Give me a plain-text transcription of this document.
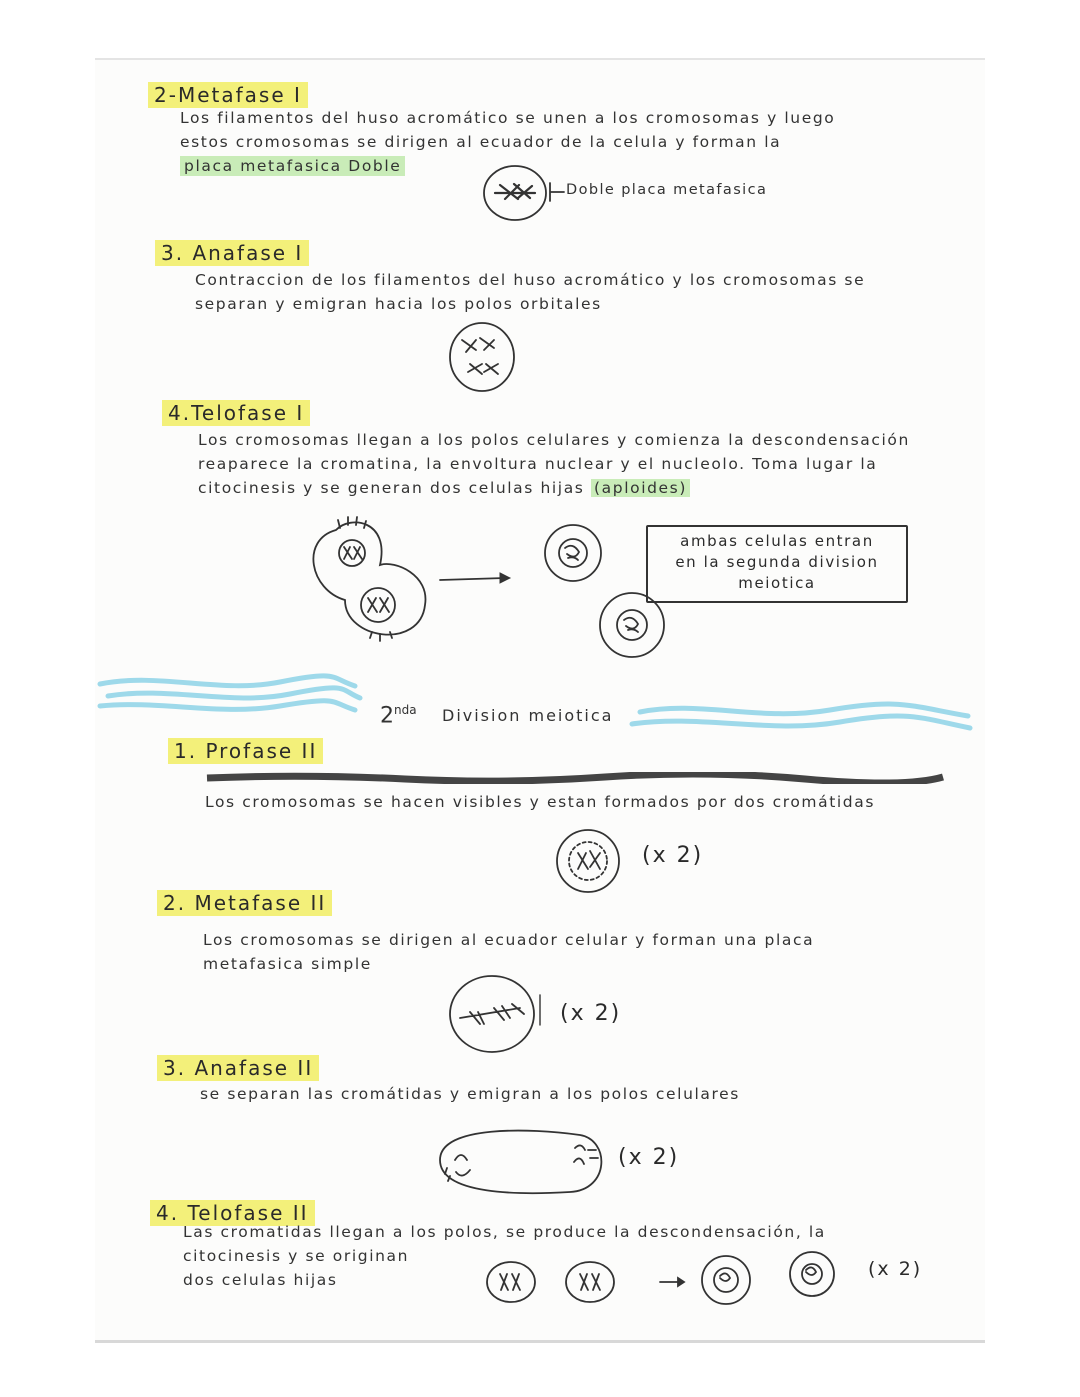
2-Metafase I
Los filamentos del huso acromático se unen a los cromosomas y luego
estos cromosomas se dirigen al ecuador de la celula y forman la
placa metafasica Doble
Doble placa metafasica
3. Anafase I
Contraccion de los filamentos del huso acromático y los cromosomas se
separan y emigran hacia los polos orbitales
4.Telofase I
Los cromosomas llegan a los polos celulares y comienza la descondensación
reaparece la cromatina, la envoltura nuclear y el nucleolo. Toma lugar la
citocinesis y se generan dos celulas hijas (aploides)
ambas celulas entran
en la segunda division
meiotica
$2^{nda}$ Division meiotica
1. Profase II
Los cromosomas se hacen visibles y estan formados por dos cromátidas
(x 2)
2. Metafase II
Los cromosomas se dirigen al ecuador celular y forman una placa
metafasica simple
(x 2)
3. Anafase II
se separan las cromátidas y emigran a los polos celulares
(x 2)
4. Telofase II
Las cromatidas llegan a los polos, se produce la descondensación, la
citocinesis y se originan
dos celulas hijas	(x 2)
